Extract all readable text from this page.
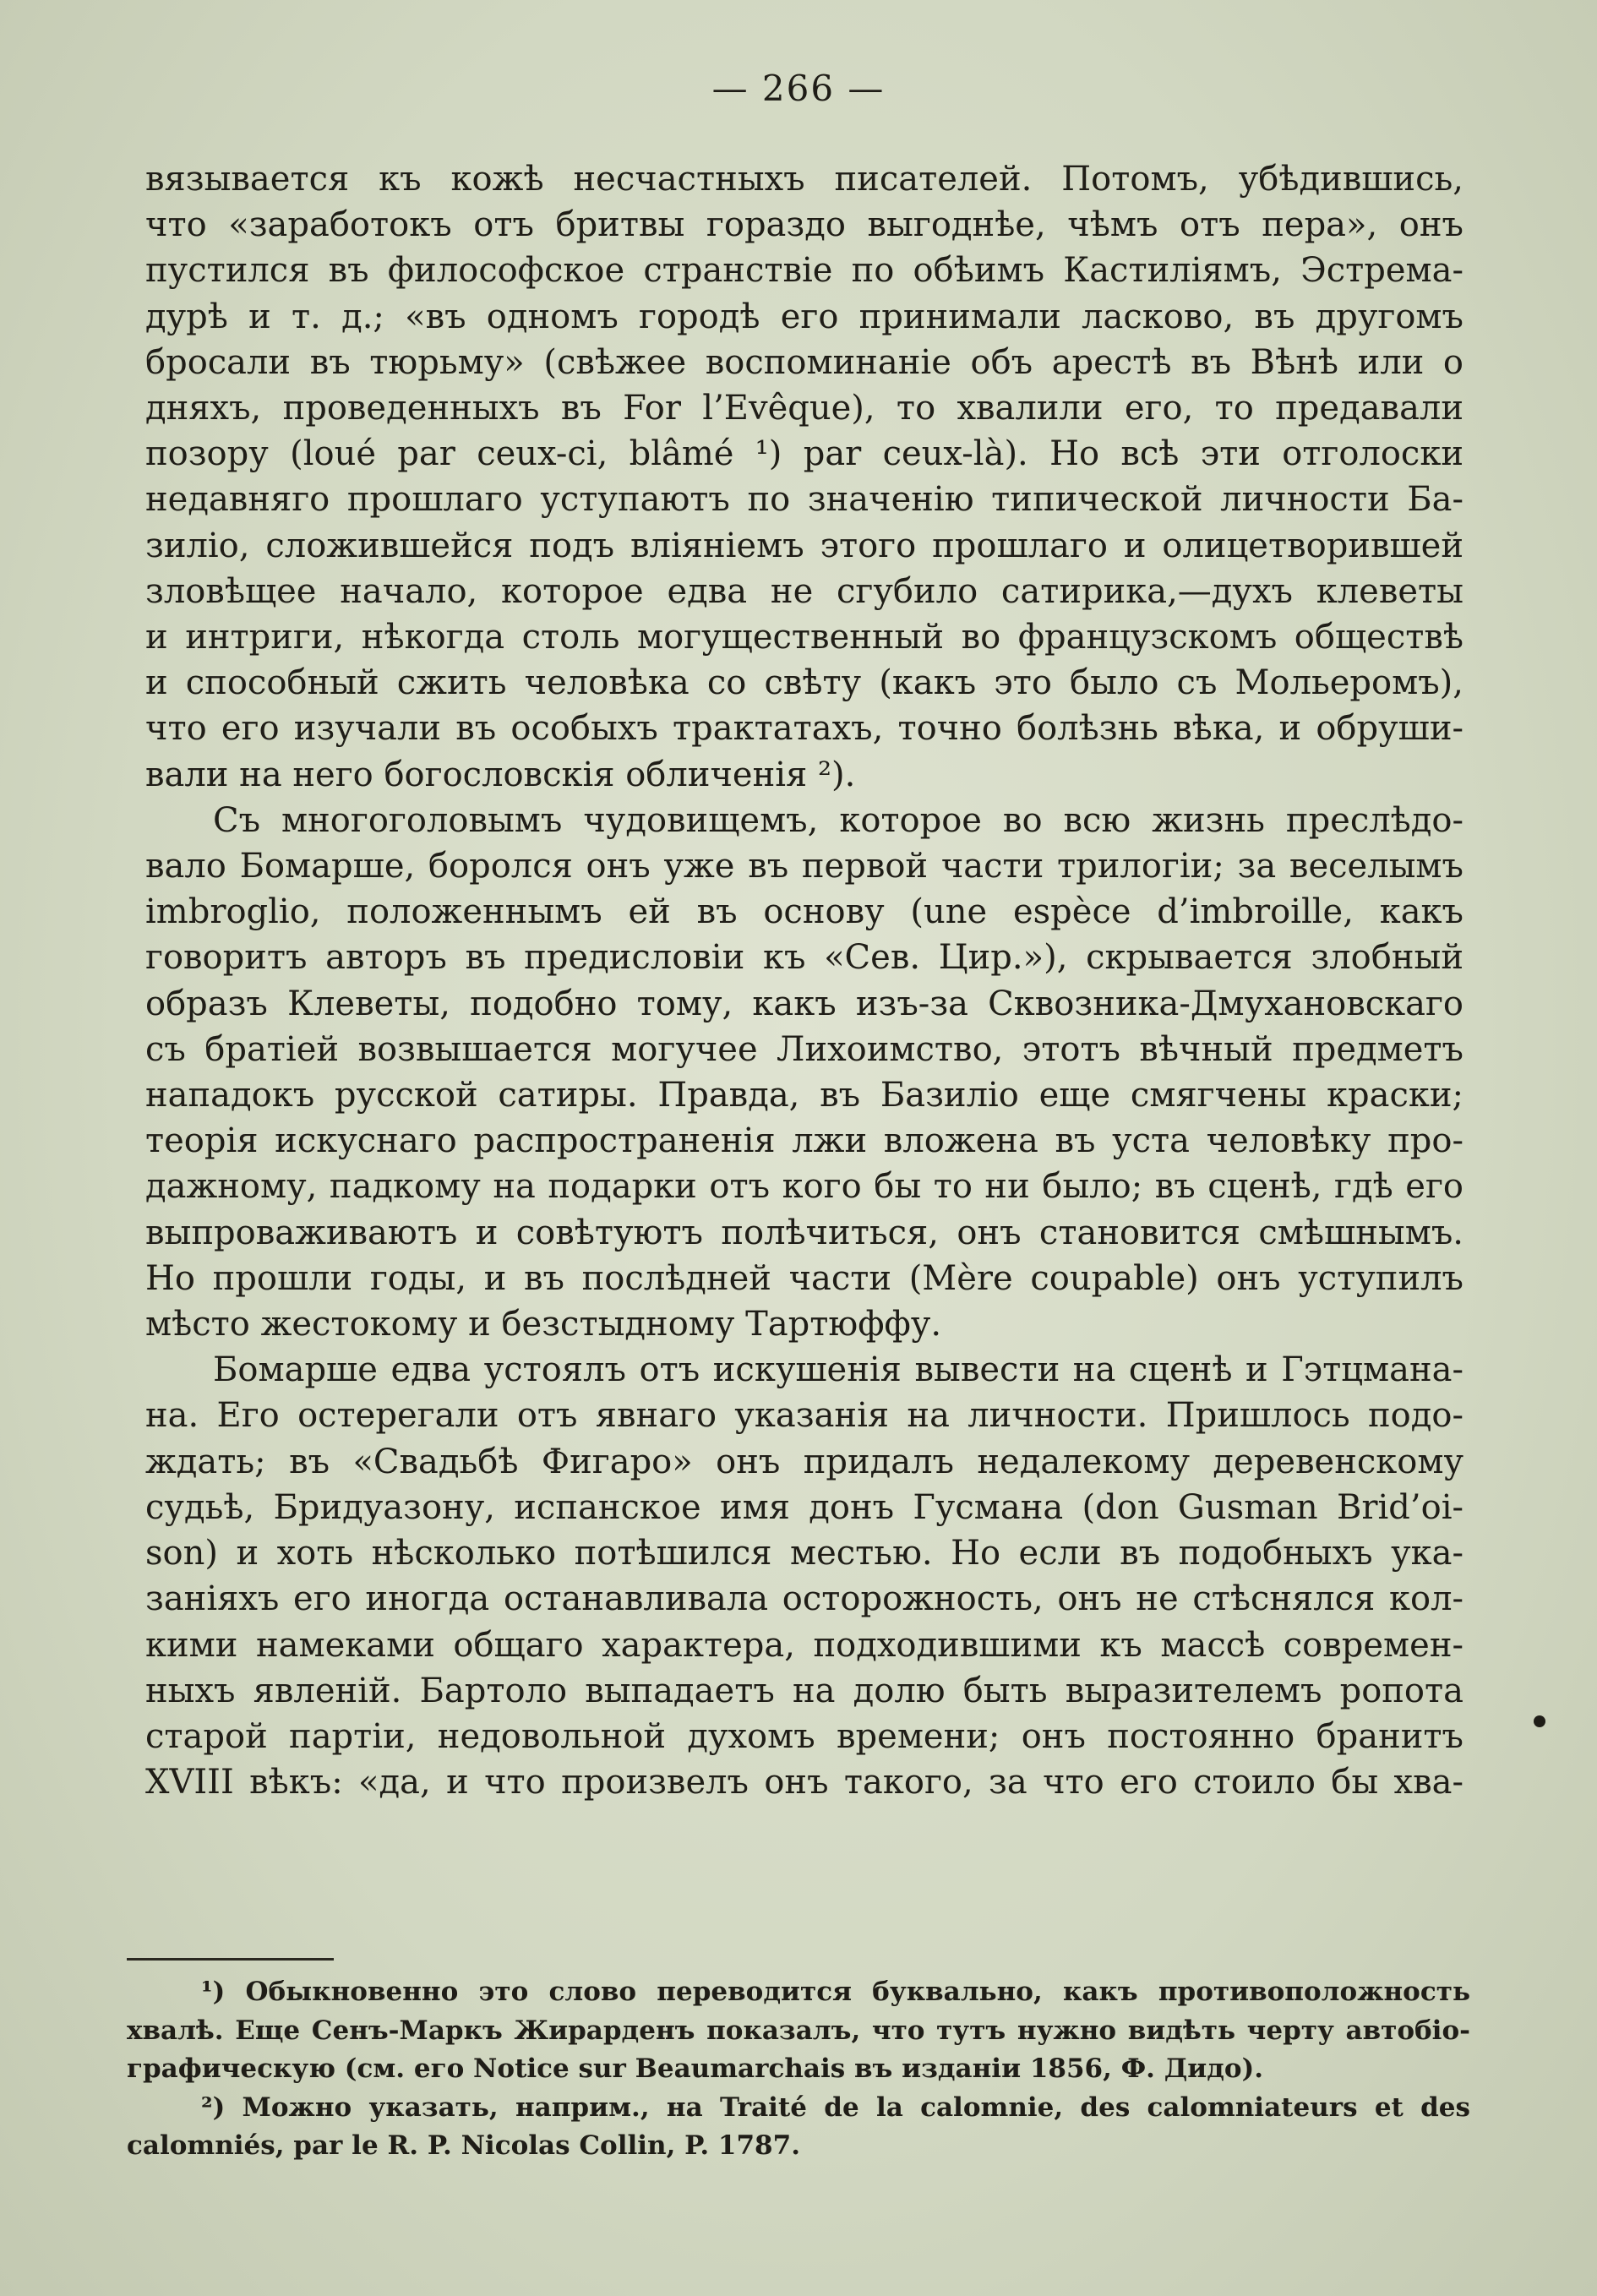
— 266 —
вязывается къ кожѣ несчастныхъ писателей. Потомъ, убѣдившись,
что «заработокъ отъ бритвы гораздо выгоднѣе, чѣмъ отъ пера», онъ
пустился въ философское странствіе по обѣимъ Кастиліямъ, Эстрема-
дурѣ и т. д.; «въ одномъ городѣ его принимали ласково, въ другомъ
бросали въ тюрьму» (свѣжее воспоминаніе объ арестѣ въ Вѣнѣ или о
дняхъ, проведенныхъ въ For l’Evêque), то хвалили его, то предавали
позору (loué par ceux-ci, blâmé ¹) par ceux-là). Но всѣ эти отголоски
недавняго прошлаго уступаютъ по значенію типической личности Ба-
зиліо, сложившейся подъ вліяніемъ этого прошлаго и олицетворившей
зловѣщее начало, которое едва не сгубило сатирика,—духъ клеветы
и интриги, нѣкогда столь могущественный во французскомъ обществѣ
и способный сжить человѣка со свѣту (какъ это было съ Мольеромъ),
что его изучали въ особыхъ трактатахъ, точно болѣзнь вѣка, и обруши-
вали на него богословскія обличенія ²).
Съ многоголовымъ чудовищемъ, которое во всю жизнь преслѣдо-
вало Бомарше, боролся онъ уже въ первой части трилогіи; за веселымъ
imbroglio, положеннымъ ей въ основу (une espèce d’imbroille, какъ
говоритъ авторъ въ предисловіи къ «Сев. Цир.»), скрывается злобный
образъ Клеветы, подобно тому, какъ изъ-за Сквозника-Дмухановскаго
съ братіей возвышается могучее Лихоимство, этотъ вѣчный предметъ
нападокъ русской сатиры. Правда, въ Базиліо еще смягчены краски;
теорія искуснаго распространенія лжи вложена въ уста человѣку про-
дажному, падкому на подарки отъ кого бы то ни было; въ сценѣ, гдѣ его
выпроваживаютъ и совѣтуютъ полѣчиться, онъ становится смѣшнымъ.
Но прошли годы, и въ послѣдней части (Mère coupable) онъ уступилъ
мѣсто жестокому и безстыдному Тартюффу.
Бомарше едва устоялъ отъ искушенія вывести на сценѣ и Гэтцмана-
на. Его остерегали отъ явнаго указанія на личности. Пришлось подо-
ждать; въ «Свадьбѣ Фигаро» онъ придалъ недалекому деревенскому
судьѣ, Бридуазону, испанское имя донъ Гусмана (don Gusman Brid’oi-
son) и хоть нѣсколько потѣшился местью. Но если въ подобныхъ ука-
заніяхъ его иногда останавливала осторожность, онъ не стѣснялся кол-
кими намеками общаго характера, подходившими къ массѣ современ-
ныхъ явленій. Бартоло выпадаетъ на долю быть выразителемъ ропота
старой партіи, недовольной духомъ времени; онъ постоянно бранитъ
XVIII вѣкъ: «да, и что произвелъ онъ такого, за что его стоило бы хва-
¹) Обыкновенно это слово переводится буквально, какъ противоположность
хвалѣ. Еще Сенъ-Маркъ Жирарденъ показалъ, что тутъ нужно видѣть черту автобіо-
графическую (см. его Notice sur Beaumarchais въ изданіи 1856, Ф. Дидо).
²) Можно указать, наприм., на Traité de la calomnie, des calomniateurs et des
calomniés, par le R. P. Nicolas Collin, P. 1787.
